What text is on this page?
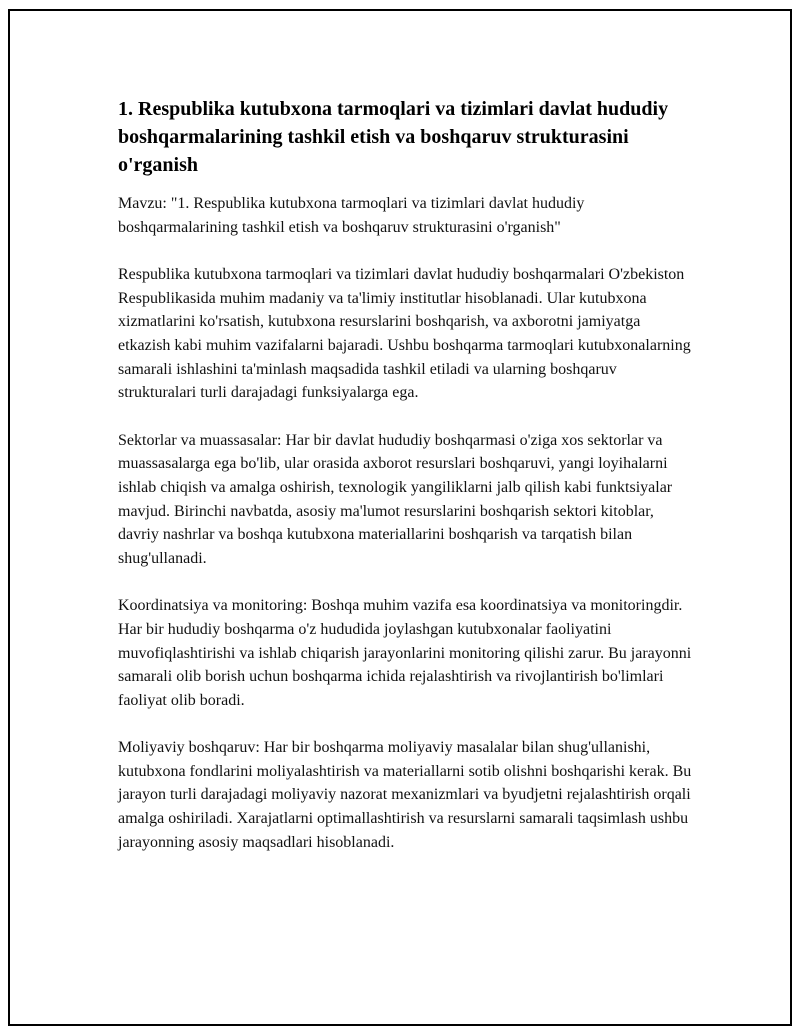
1. Respublika kutubxona tarmoqlari va tizimlari davlat hududiy boshqarmalarining tashkil etish va boshqaruv strukturasini o'rganish

Mavzu: "1. Respublika kutubxona tarmoqlari va tizimlari davlat hududiy boshqarmalarining tashkil etish va boshqaruv strukturasini o'rganish"

Respublika kutubxona tarmoqlari va tizimlari davlat hududiy boshqarmalari O'zbekiston Respublikasida muhim madaniy va ta'limiy institutlar hisoblanadi. Ular kutubxona xizmatlarini ko'rsatish, kutubxona resurslarini boshqarish, va axborotni jamiyatga etkazish kabi muhim vazifalarni bajaradi. Ushbu boshqarma tarmoqlari kutubxonalarning samarali ishlashini ta'minlash maqsadida tashkil etiladi va ularning boshqaruv strukturalari turli darajadagi funksiyalarga ega.

Sektorlar va muassasalar: Har bir davlat hududiy boshqarmasi o'ziga xos sektorlar va muassasalarga ega bo'lib, ular orasida axborot resurslari boshqaruvi, yangi loyihalarni ishlab chiqish va amalga oshirish, texnologik yangiliklarni jalb qilish kabi funktsiyalar mavjud. Birinchi navbatda, asosiy ma'lumot resurslarini boshqarish sektori kitoblar, davriy nashrlar va boshqa kutubxona materiallarini boshqarish va tarqatish bilan shug'ullanadi.

Koordinatsiya va monitoring: Boshqa muhim vazifa esa koordinatsiya va monitoringdir. Har bir hududiy boshqarma o'z hududida joylashgan kutubxonalar faoliyatini muvofiqlashtirishi va ishlab chiqarish jarayonlarini monitoring qilishi zarur. Bu jarayonni samarali olib borish uchun boshqarma ichida rejalashtirish va rivojlantirish bo'limlari faoliyat olib boradi.

Moliyaviy boshqaruv: Har bir boshqarma moliyaviy masalalar bilan shug'ullanishi, kutubxona fondlarini moliyalashtirish va materiallarni sotib olishni boshqarishi kerak. Bu jarayon turli darajadagi moliyaviy nazorat mexanizmlari va byudjetni rejalashtirish orqali amalga oshiriladi. Xarajatlarni optimallashtirish va resurslarni samarali taqsimlash ushbu jarayonning asosiy maqsadlari hisoblanadi.
